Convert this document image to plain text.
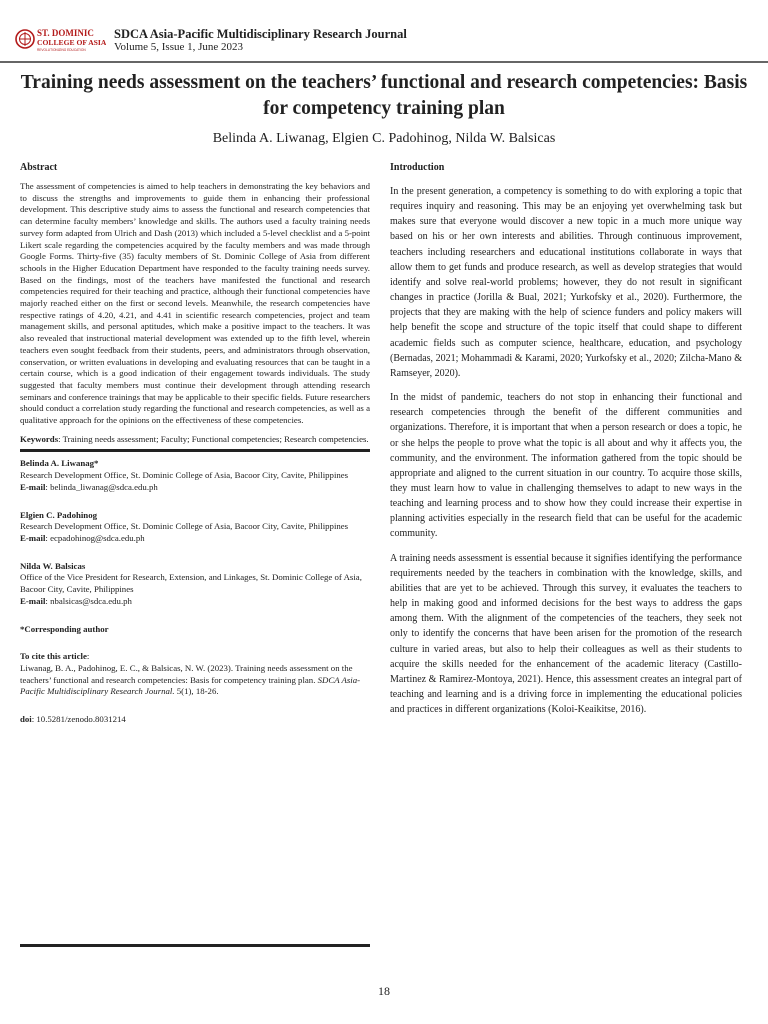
ST. DOMINIC
COLLEGE OF ASIA
REVOLUTIONIZING EDUCATION
SDCA Asia-Pacific Multidisciplinary Research Journal
Volume 5, Issue 1, June 2023
Training needs assessment on the teachers’ functional and research competencies: Basis for competency training plan
Belinda A. Liwanag, Elgien C. Padohinog, Nilda W. Balsicas
Abstract

The assessment of competencies is aimed to help teachers in demonstrating the key behaviors and to discuss the strengths and improvements to guide them in enhancing their professional development. This descriptive study aims to assess the functional and research competencies that can determine faculty members’ knowledge and skills. The authors used a faculty training needs survey form adapted from Ulrich and Dash (2013) which included a 5-level checklist and a 5-point Likert scale regarding the competencies acquired by the faculty members and was made through Google Forms. Thirty-five (35) faculty members of St. Dominic College of Asia from different schools in the Higher Education Department have responded to the faculty training needs survey. Based on the findings, most of the teachers have manifested the functional and research competencies required for their teaching and practice, although their functional competencies have majorly reached either on the first or second levels. Meanwhile, the research competencies have respective ratings of 4.20, 4.21, and 4.41 in scientific research competencies, project and team management skills, and personal aptitudes, which make a positive impact to the teachers. It was also revealed that instructional material development was extended up to the fifth level, wherein teachers even sought feedback from their students, peers, and administrators through observation, conservation, or written evaluations in developing and evaluating resources that can be taught in a certain course, which is a good indication of their engagement towards individuals. The study suggested that faculty members must continue their development through attending research seminars and conference trainings that may be applicable to their specific fields. Future researchers should conduct a correlation study regarding the functional and research competencies, as well as a qualitative approach for the opinions on the effectiveness of these competencies.

Keywords: Training needs assessment; Faculty; Functional competencies; Research competencies.

Belinda A. Liwanag*
Research Development Office, St. Dominic College of Asia, Bacoor City, Cavite, Philippines
E-mail: belinda_liwanag@sdca.edu.ph
Elgien C. Padohinog
Research Development Office, St. Dominic College of Asia, Bacoor City, Cavite, Philippines
E-mail: ecpadohinog@sdca.edu.ph
Nilda W. Balsicas
Office of the Vice President for Research, Extension, and Linkages, St. Dominic College of Asia, Bacoor City, Cavite, Philippines
E-mail: nbalsicas@sdca.edu.ph
*Corresponding author
To cite this article:
Liwanag, B. A., Padohinog, E. C., & Balsicas, N. W. (2023). Training needs assessment on the teachers’ functional and research competencies: Basis for competency training plan. SDCA Asia-Pacific Multidisciplinary Research Journal. 5(1), 18-26.
doi: 10.5281/zenodo.8031214
Introduction

In the present generation, a competency is something to do with exploring a topic that requires inquiry and reasoning. This may be an enjoying yet overwhelming task but makes sure that everyone would discover a new topic in a much more unique way based on his or her own interests and abilities. Through continuous improvement, teachers including researchers and educational institutions collaborate in ways that allow them to get funds and produce research, as well as develop strategies that would identify and solve real-world problems; however, they do not result in significant changes in practice (Jorilla & Bual, 2021; Yurkofsky et al., 2020). Furthermore, the projects that they are making with the help of science funders and policy makers will help benefit the scope and structure of the topic itself that could shape to different academic fields such as computer science, healthcare, education, and psychology (Bernadas, 2021; Mohammadi & Karami, 2020; Yurkofsky et al., 2020; Zilcha-Mano & Ramseyer, 2020).

In the midst of pandemic, teachers do not stop in enhancing their functional and research competencies through the benefit of the different communities and organizations. Therefore, it is important that when a person research or does a topic, he or she helps the people to prove what the topic is all about and why it affects you, the community, and the environment. The information gathered from the topic should be appropriate and aligned to the current situation in our country. To acquire those skills, they must learn how to value in challenging themselves to adapt to new ways in the teaching and learning process and to show how they could increase their expertise in planning activities especially in the research field that can be useful for the academic community.

A training needs assessment is essential because it signifies identifying the performance requirements needed by the teachers in combination with the knowledge, skills, and abilities that are yet to be achieved. Through this survey, it evaluates the teachers to help in making good and informed decisions for the best ways to address the gaps among them. With the alignment of the competencies of the teachers, they seek not only to identify the concerns that have been arisen for the promotion of the research culture in varied areas, but also to help their colleagues as well as their students to acquire the skills needed for the enhancement of the academic literacy (Castillo-Martinez & Ramirez-Montoya, 2021). Hence, this assessment creates an integral part of teaching and learning and is a driving force in implementing the educational policies and practices in different organizations (Koloi-Keaikitse, 2016).

18
